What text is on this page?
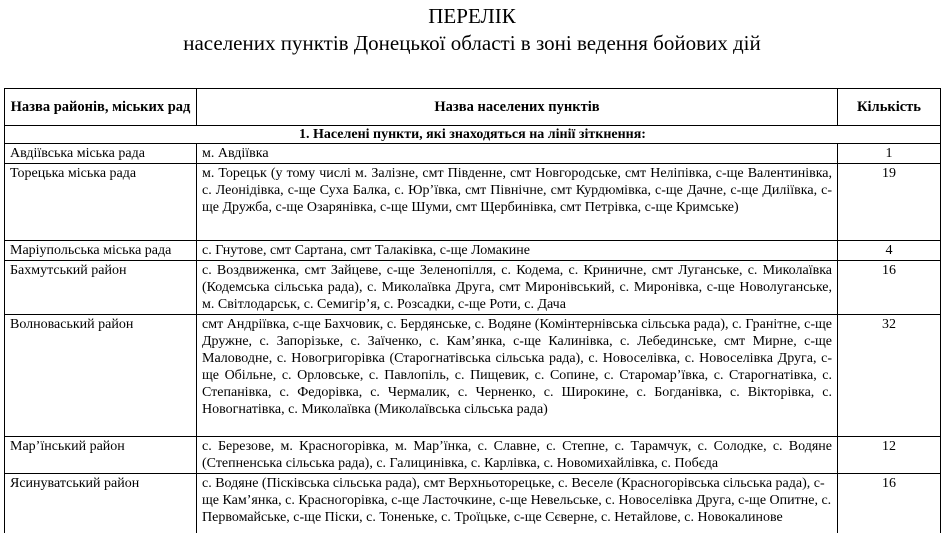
ПЕРЕЛІК
населених пунктів Донецької області в зоні ведення бойових дій
Назва районів, міських рад	Назва населених пунктів	Кількість
1. Населені пункти, які знаходяться на лінії зіткнення:		
Авдіївська міська рада	м. Авдіївка	1
Торецька міська рада	м. Торецьк (у тому числі м. Залізне, смт Південне, смт Новгородське, смт Неліпівка, с-ще Валентинівка, с. Леонідівка, с-ще Суха Балка, с. Юр’ївка, смт Північне, смт Курдюмівка, с-ще Дачне, с-ще Диліївка, с-ще Дружба, с-ще Озарянівка, с-ще Шуми, смт Щербинівка, смт Петрівка, с-ще Кримське)	19
Маріупольська міська рада	с. Гнутове, смт Сартана, смт Талаківка, с-ще Ломакине	4
Бахмутський район	с. Воздвиженка, смт Зайцеве, с-ще Зеленопілля, с. Кодема, с. Криничне, смт Луганське, с. Миколаївка (Кодемська сільська рада), с. Миколаївка Друга, смт Миронівський, с. Миронівка, с-ще Новолуганське, м. Світлодарськ, с. Семигір’я, с. Розсадки, с-ще Роти, с. Дача	16
Волноваський район	смт Андріївка, с-ще Бахчовик, с. Бердянське, с. Водяне (Комінтернівська сільська рада), с. Гранітне, с-ще Дружне, с. Запорізьке, с. Заїченко, с. Кам’янка, с-ще Калинівка, с. Лебединське, смт Мирне, с-ще Маловодне, с. Новогригорівка (Старогнатівська сільська рада), с. Новоселівка, с. Новоселівка Друга, с-ще Обільне, с. Орловське, с. Павлопіль, с. Пищевик, с. Сопине, с. Старомар’ївка, с. Старогнатівка, с. Степанівка, с. Федорівка, с. Чермалик, с. Черненко, с. Широкине, с. Богданівка, с. Вікторівка, с. Новогнатівка, с. Миколаївка (Миколаївська сільська рада)	32
Мар’їнський район	с. Березове, м. Красногорівка, м. Мар’їнка, с. Славне, с. Степне, с. Тарамчук, с. Солодке, с. Водяне (Степненська сільська рада), с. Галицинівка, с. Карлівка, с. Новомихайлівка, с. Побєда	12
Ясинуватський район	с. Водяне (Пісківська сільська рада), смт Верхньоторецьке, с. Веселе (Красногорівська сільська рада), с-ще Кам’янка, с. Красногорівка, с-ще Ласточкине, с-ще Невельське, с. Новоселівка Друга, с-ще Опитне, с. Первомайське, с-ще Піски, с. Тоненьке, с. Троїцьке, с-ще Сєверне, с. Нетайлове, с. Новокалинове	16
